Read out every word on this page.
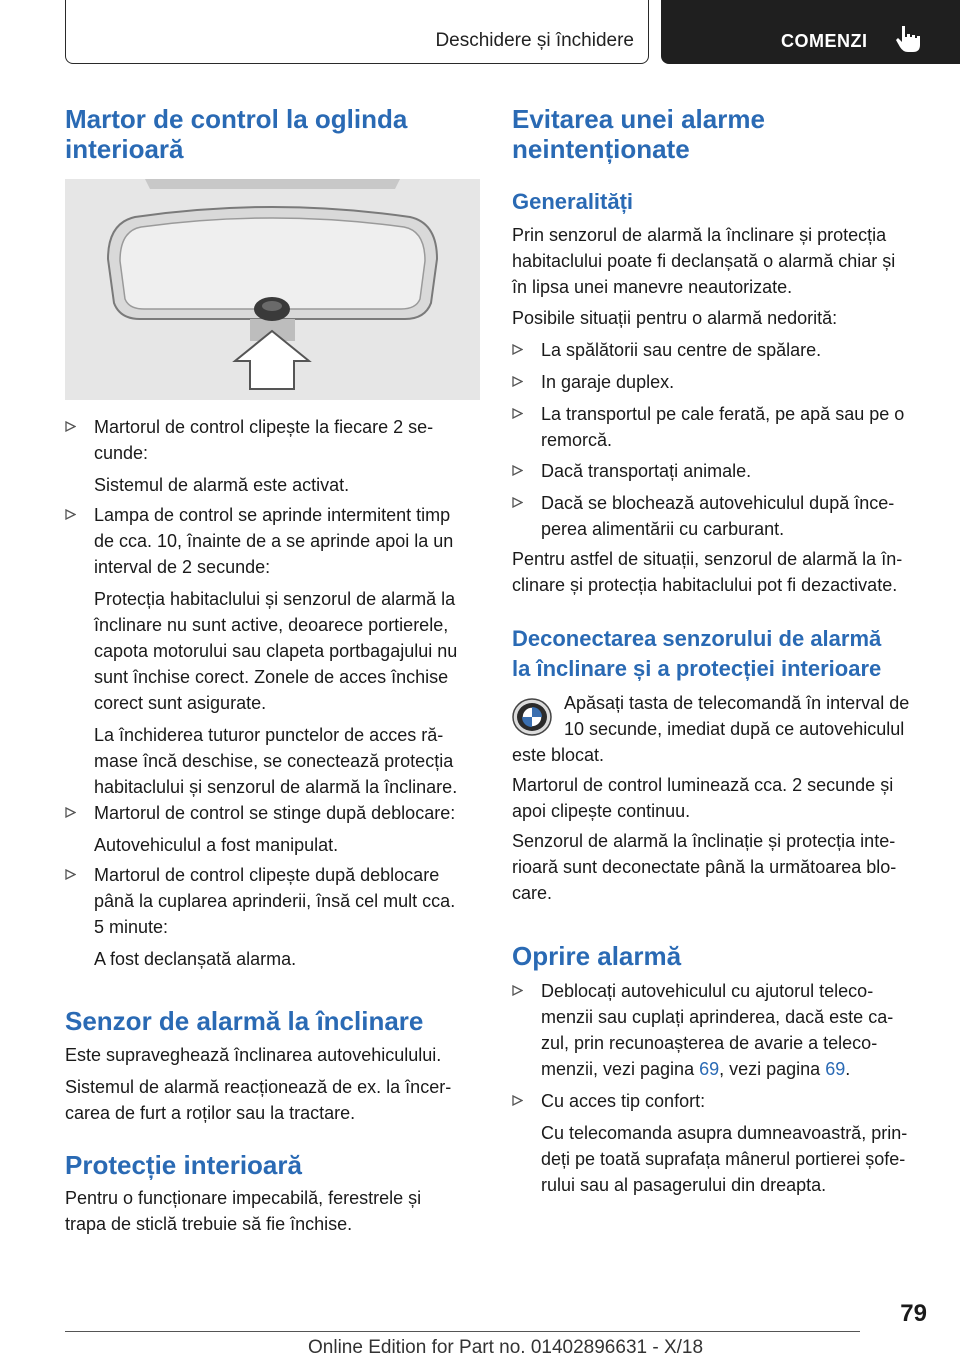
Deschidere și închidere	COMENZI
Martor de control la oglinda interioară

Martorul de control clipește la fiecare 2 se‐

cunde:

Sistemul de alarmă este activat.

Lampa de control se aprinde intermitent timp

de cca. 10, înainte de a se aprinde apoi la un

interval de 2 secunde:

Protecția habitaclului și senzorul de alarmă la

înclinare nu sunt active, deoarece portierele,

capota motorului sau clapeta portbagajului nu

sunt închise corect. Zonele de acces închise

corect sunt asigurate.

La închiderea tuturor punctelor de acces ră‐

mase încă deschise, se conectează protecția

habitaclului și senzorul de alarmă la înclinare.

Martorul de control se stinge după deblocare:

Autovehiculul a fost manipulat.

Martorul de control clipește după deblocare

până la cuplarea aprinderii, însă cel mult cca.

5 minute:

A fost declanșată alarma.

Senzor de alarmă la înclinare

Este supraveghează înclinarea autovehiculului.

Sistemul de alarmă reacționează de ex. la încer‐

carea de furt a roților sau la tractare.

Protecție interioară

Pentru o funcționare impecabilă, ferestrele și

trapa de sticlă trebuie să fie închise.

Evitarea unei alarme
neintenționate
Generalități

Prin senzorul de alarmă la înclinare și protecția

habitaclului poate fi declanșată o alarmă chiar și

în lipsa unei manevre neautorizate.

Posibile situații pentru o alarmă nedorită:

La spălătorii sau centre de spălare.

In garaje duplex.

La transportul pe cale ferată, pe apă sau pe o

remorcă.

Dacă transportați animale.

Dacă se blochează autovehiculul după înce‐

perea alimentării cu carburant.

Pentru astfel de situații, senzorul de alarmă la în‐

clinare și protecția habitaclului pot fi dezactivate.

Deconectarea senzorului de alarmă
la înclinare și a protecției interioare

Apăsați tasta de telecomandă în interval de

10 secunde, imediat după ce autovehiculul

este blocat.

Martorul de control luminează cca. 2 secunde și

apoi clipește continuu.

Senzorul de alarmă la înclinație și protecția inte‐

rioară sunt deconectate până la următoarea blo‐

care.

Oprire alarmă

Deblocați autovehiculul cu ajutorul teleco‐

menzii sau cuplați aprinderea, dacă este ca‐

zul, prin recunoașterea de avarie a teleco‐

menzii, vezi pagina 69, vezi pagina 69.

Cu acces tip confort:

Cu telecomanda asupra dumneavoastră, prin‐

deți pe toată suprafața mânerul portierei șofe‐

rului sau al pasagerului din dreapta.

79
Online Edition for Part no. 01402896631 - X/18
